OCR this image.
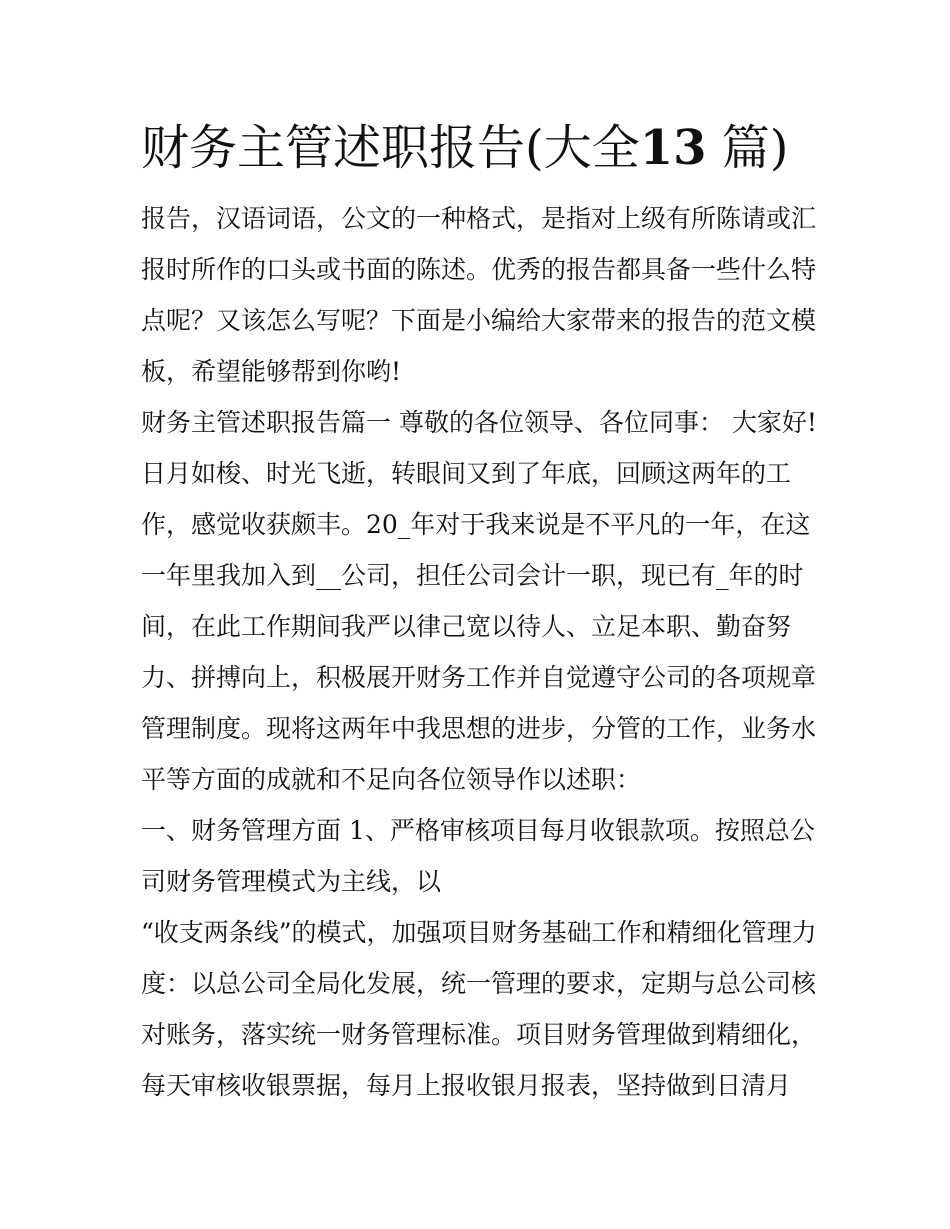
财务主管述职报告(大全13 篇)

报告，汉语词语，公文的一种格式，是指对上级有所陈请或汇

报时所作的口头或书面的陈述。优秀的报告都具备一些什么特

点呢？又该怎么写呢？下面是小编给大家带来的报告的范文模

板，希望能够帮到你哟!

财务主管述职报告篇一 尊敬的各位领导、各位同事： 大家好!

日月如梭、时光飞逝，转眼间又到了年底，回顾这两年的工

作，感觉收获颇丰。20_年对于我来说是不平凡的一年，在这

一年里我加入到__公司，担任公司会计一职，现已有_年的时

间，在此工作期间我严以律己宽以待人、立足本职、勤奋努

力、拼搏向上，积极展开财务工作并自觉遵守公司的各项规章

管理制度。现将这两年中我思想的进步，分管的工作，业务水

平等方面的成就和不足向各位领导作以述职：

一、财务管理方面 1、严格审核项目每月收银款项。按照总公

司财务管理模式为主线，以

“收支两条线”的模式，加强项目财务基础工作和精细化管理力

度：以总公司全局化发展，统一管理的要求，定期与总公司核

对账务，落实统一财务管理标准。项目财务管理做到精细化，

每天审核收银票据，每月上报收银月报表，坚持做到日清月
